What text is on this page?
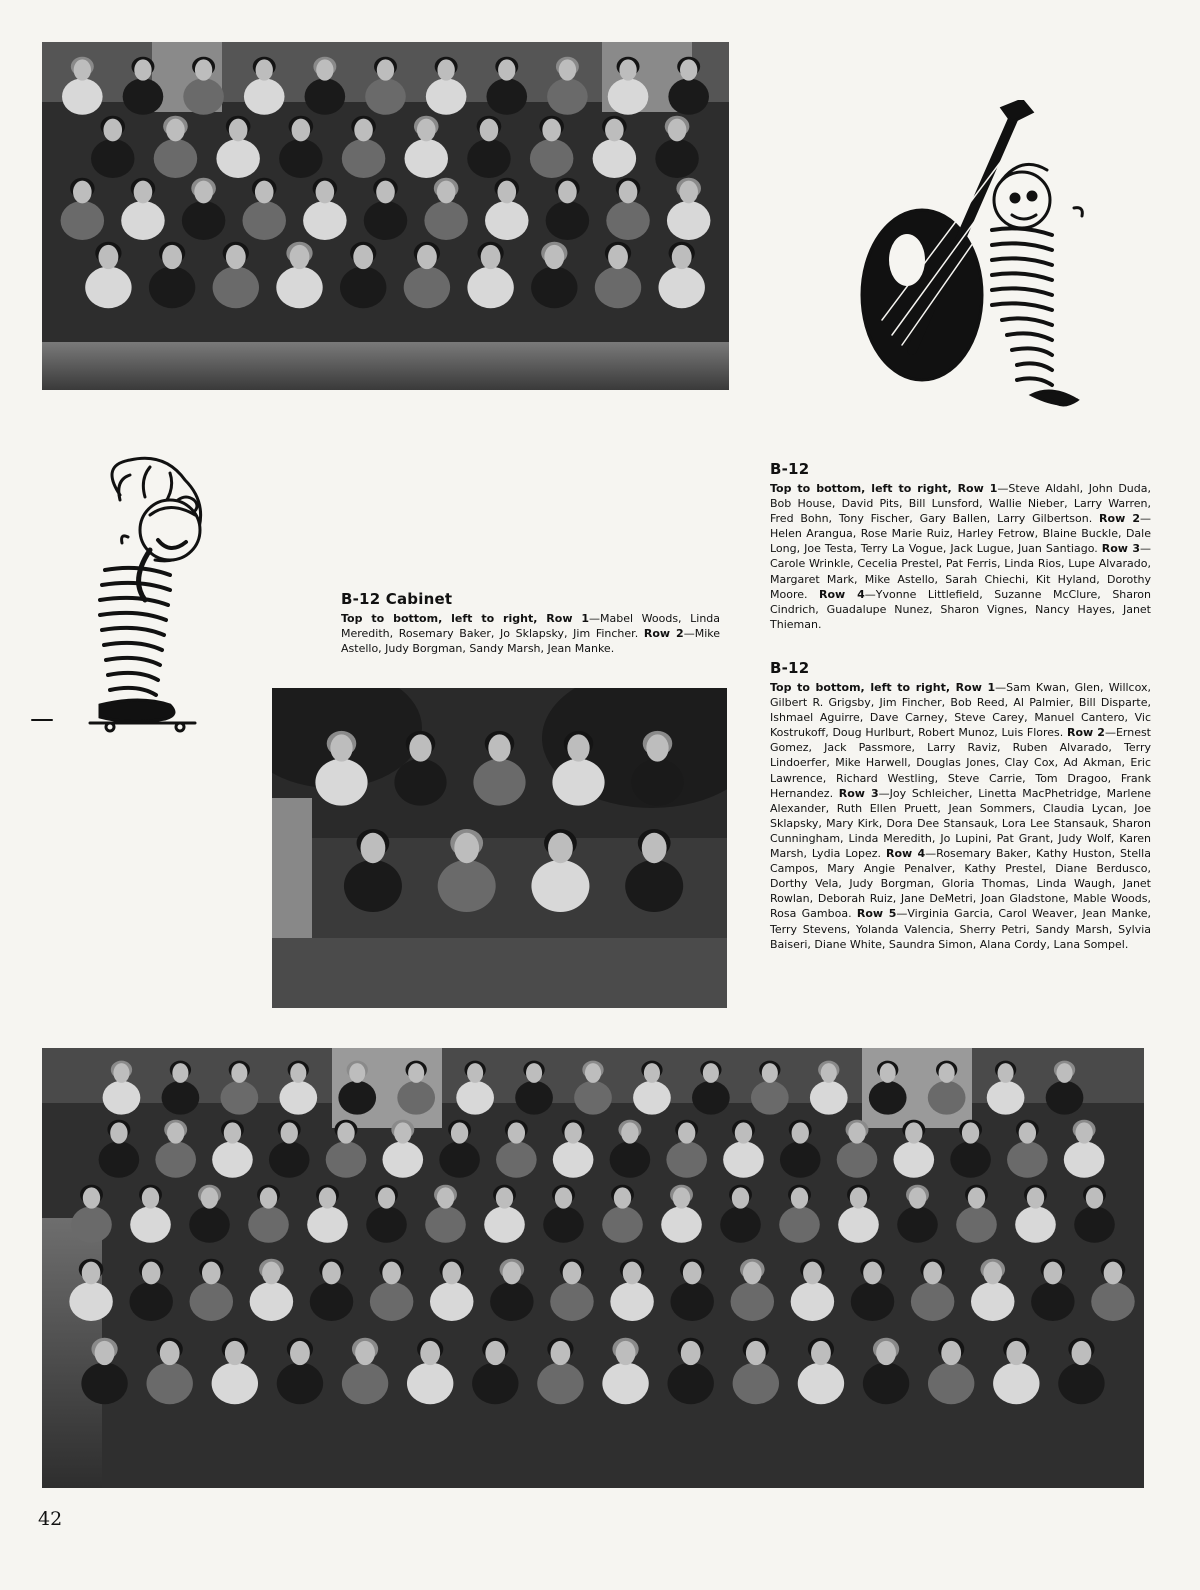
B-12 Cabinet

Top to bottom, left to right, Row 1—Mabel Woods, Linda Meredith, Rosemary Baker, Jo Sklapsky, Jim Fincher. Row 2—Mike Astello, Judy Borgman, Sandy Marsh, Jean Manke.

B-12

Top to bottom, left to right, Row 1—Steve Aldahl, John Duda, Bob House, David Pits, Bill Lunsford, Wallie Nieber, Larry Warren, Fred Bohn, Tony Fischer, Gary Ballen, Larry Gilbertson. Row 2—Helen Arangua, Rose Marie Ruiz, Harley Fetrow, Blaine Buckle, Dale Long, Joe Testa, Terry La Vogue, Jack Lugue, Juan Santiago. Row 3—Carole Wrinkle, Cecelia Prestel, Pat Ferris, Linda Rios, Lupe Alvarado, Margaret Mark, Mike Astello, Sarah Chiechi, Kit Hyland, Dorothy Moore. Row 4—Yvonne Littlefield, Suzanne McClure, Sharon Cindrich, Guadalupe Nunez, Sharon Vignes, Nancy Hayes, Janet Thieman.

B-12

Top to bottom, left to right, Row 1—Sam Kwan, Glen, Willcox, Gilbert R. Grigsby, Jim Fincher, Bob Reed, Al Palmier, Bill Disparte, Ishmael Aguirre, Dave Carney, Steve Carey, Manuel Cantero, Vic Kostrukoff, Doug Hurlburt, Robert Munoz, Luis Flores. Row 2—Ernest Gomez, Jack Passmore, Larry Raviz, Ruben Alvarado, Terry Lindoerfer, Mike Harwell, Douglas Jones, Clay Cox, Ad Akman, Eric Lawrence, Richard Westling, Steve Carrie, Tom Dragoo, Frank Hernandez. Row 3—Joy Schleicher, Linetta MacPhetridge, Marlene Alexander, Ruth Ellen Pruett, Jean Sommers, Claudia Lycan, Joe Sklapsky, Mary Kirk, Dora Dee Stansauk, Lora Lee Stansauk, Sharon Cunningham, Linda Meredith, Jo Lupini, Pat Grant, Judy Wolf, Karen Marsh, Lydia Lopez. Row 4—Rosemary Baker, Kathy Huston, Stella Campos, Mary Angie Penalver, Kathy Prestel, Diane Berdusco, Dorthy Vela, Judy Borgman, Gloria Thomas, Linda Waugh, Janet Rowlan, Deborah Ruiz, Jane DeMetri, Joan Gladstone, Mable Woods, Rosa Gamboa. Row 5—Virginia Garcia, Carol Weaver, Jean Manke, Terry Stevens, Yolanda Valencia, Sherry Petri, Sandy Marsh, Sylvia Baiseri, Diane White, Saundra Simon, Alana Cordy, Lana Sompel.

42
